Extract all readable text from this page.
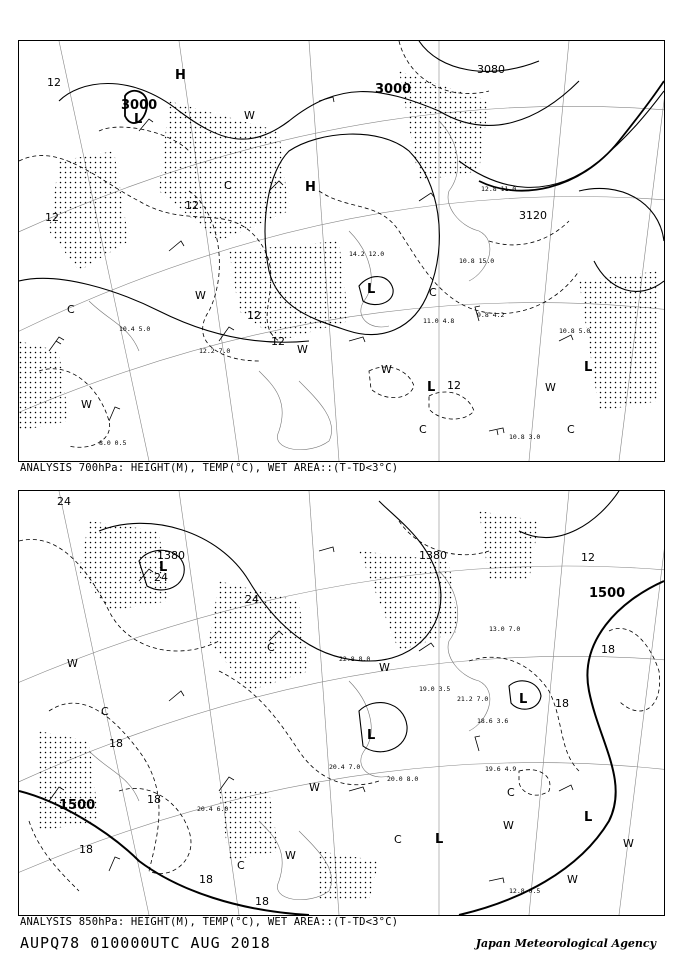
11.0 4.8
9.8 4.2
10.8 5.0
10.8 3.0
10.8 15.0
12.8 11.0
10.4 5.0
12.2 7.0
8.0 0.5
14.2 12.0
3000
3000
3080
3120
12
12
12
12
12
12
H
H
L
L
L
L
C
C
C	C
C
W
W
W
W
W
W
ANALYSIS 700hPa: HEIGHT(M), TEMP(°C), WET AREA::(T-TD<3°C)
19.6 4.9
12.8 0.5
20.0 8.0
21.2 7.0
20.4 6.0
19.0 3.5
13.0 7.0
18.6 3.6
22.8 8.0
20.4 7.0
1380	1380
1500
1500
24
24
24
18
18
18
18
18
18
18
12
L
L
L
L
L
C
C
C
C
C
W	W
W
W
W
W
W
ANALYSIS 850hPa: HEIGHT(M), TEMP(°C), WET AREA::(T-TD<3°C)
AUPQ78 010000UTC AUG 2018	Japan Meteorological Agency
